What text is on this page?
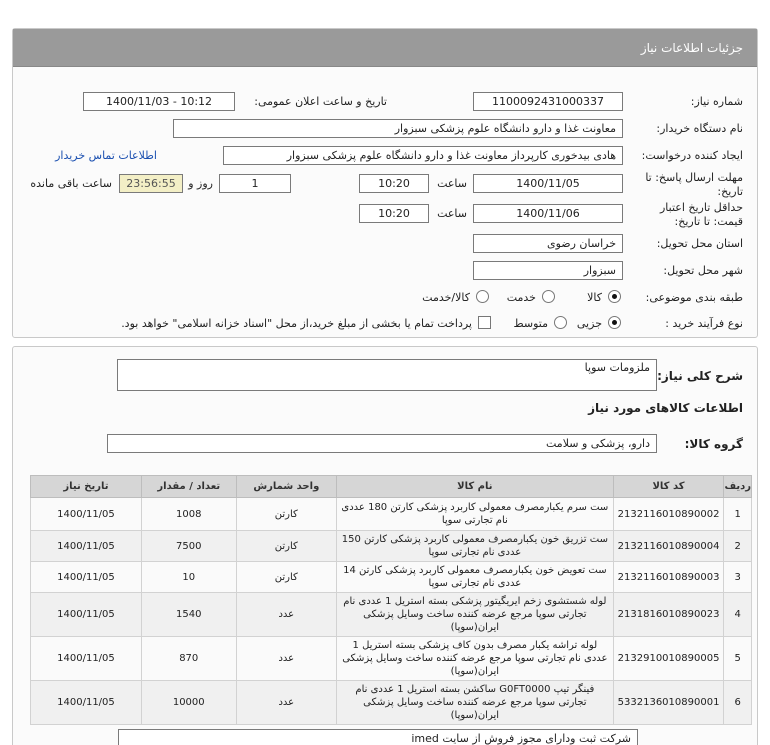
جزئیات اطلاعات نیاز
شماره نیاز:
1100092431000337
تاریخ و ساعت اعلان عمومی:
1400/11/03 - 10:12
نام دستگاه خریدار:
معاونت غذا و دارو دانشگاه علوم پزشکی سبزوار
ایجاد کننده درخواست:
هادی بیدخوری کارپرداز معاونت غذا و دارو دانشگاه علوم پزشکی سبزوار
اطلاعات تماس خریدار
مهلت ارسال پاسخ: تا تاریخ:
1400/11/05
ساعت
10:20
1
روز و
23:56:55
ساعت باقی مانده
حداقل تاریخ اعتبار قیمت: تا تاریخ:
1400/11/06
ساعت
10:20
استان محل تحویل:
خراسان رضوی
شهر محل تحویل:
سبزوار
طبقه بندی موضوعی:
کالا
خدمت
کالا/خدمت
نوع فرآیند خرید :
جزیی
متوسط
پرداخت تمام یا بخشی از مبلغ خرید،از محل "اسناد خزانه اسلامی" خواهد بود.
شرح کلی نیاز:
ملزومات سوپا
اطلاعات کالاهای مورد نیاز
گروه کالا:
دارو، پزشکی و سلامت
ردیف	کد کالا	نام کالا	واحد شمارش	تعداد / مقدار	تاریخ نیاز
1	2132116010890002	ست سرم یکبارمصرف معمولی کاربرد پزشکی کارتن 180 عددی نام تجارتی سوپا	کارتن	1008	1400/11/05
2	2132116010890004	ست تزریق خون یکبارمصرف معمولی کاربرد پزشکی کارتن 150 عددی نام تجارتی سوپا	کارتن	7500	1400/11/05
3	2132116010890003	ست تعویض خون یکبارمصرف معمولی کاربرد پزشکی کارتن 14 عددی نام تجارتی سوپا	کارتن	10	1400/11/05
4	2131816010890023	لوله شستشوی زخم ایریگیتور پزشکی بسته استریل 1 عددی نام تجارتی سوپا مرجع عرضه کننده ساخت وسایل پزشکی ایران(سوپا)	عدد	1540	1400/11/05
5	2132910010890005	لوله تراشه یکبار مصرف بدون کاف پزشکی بسته استریل 1 عددی نام تجارتی سوپا مرجع عرضه کننده ساخت وسایل پزشکی ایران(سوپا)	عدد	870	1400/11/05
6	5332136010890001	فینگر تیپ G0FT0000 ساکشن بسته استریل 1 عددی نام تجارتی سوپا مرجع عرضه کننده ساخت وسایل پزشکی ایران(سوپا)	عدد	10000	1400/11/05
شرکت ثبت ودارای مجوز فروش از سایت imed
